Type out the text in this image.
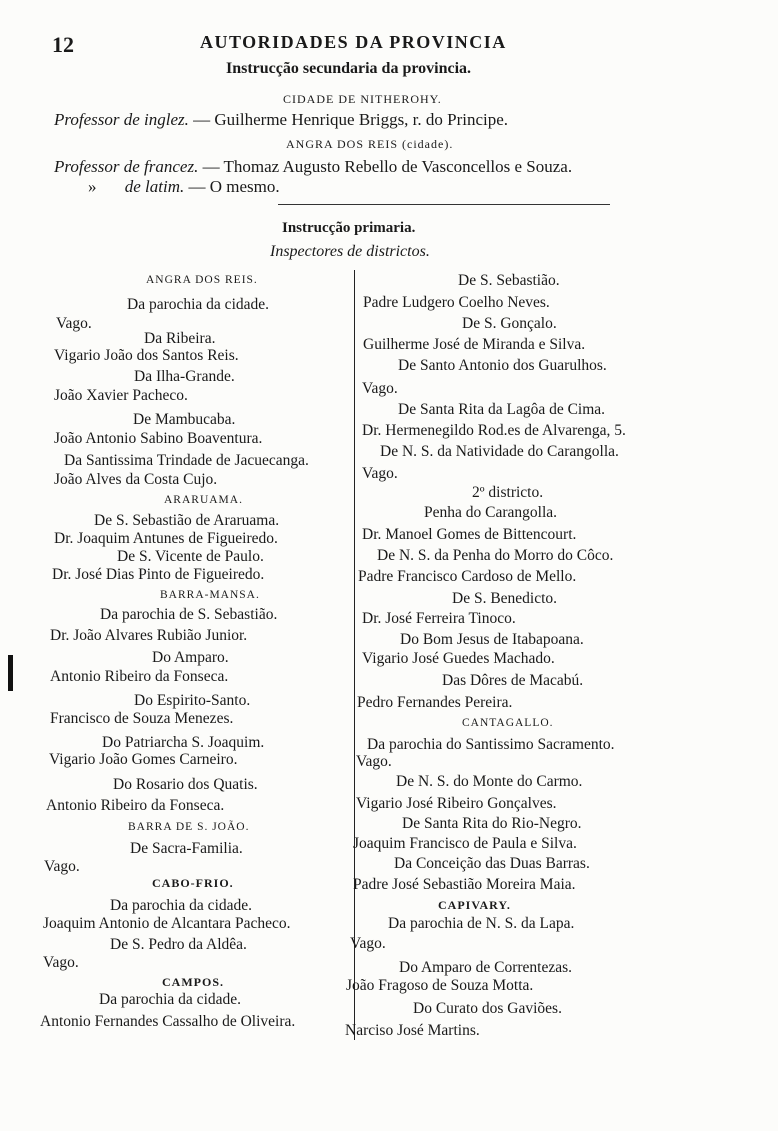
12	AUTORIDADES DA PROVINCIA
Instrucção secundaria da provincia.
CIDADE DE NITHEROHY.
Professor de inglez. — Guilherme Henrique Briggs, r. do Principe.
ANGRA DOS REIS (cidade).
Professor de francez. — Thomaz Augusto Rebello de Vasconcellos e Souza.
» de latim. — O mesmo.
Instrucção primaria.
Inspectores de districtos.
ANGRA DOS REIS.
Da parochia da cidade.
Vago.
Da Ribeira.
Vigario João dos Santos Reis.
Da Ilha-Grande.
João Xavier Pacheco.
De Mambucaba.
João Antonio Sabino Boaventura.
Da Santissima Trindade de Jacuecanga.
João Alves da Costa Cujo.
ARARUAMA.
De S. Sebastião de Araruama.
Dr. Joaquim Antunes de Figueiredo.
De S. Vicente de Paulo.
Dr. José Dias Pinto de Figueiredo.
BARRA-MANSA.
Da parochia de S. Sebastião.
Dr. João Alvares Rubião Junior.
Do Amparo.
Antonio Ribeiro da Fonseca.
Do Espirito-Santo.
Francisco de Souza Menezes.
Do Patriarcha S. Joaquim.
Vigario João Gomes Carneiro.
Do Rosario dos Quatis.
Antonio Ribeiro da Fonseca.
BARRA DE S. JOÃO.
De Sacra-Familia.
Vago.
CABO-FRIO.
Da parochia da cidade.
Joaquim Antonio de Alcantara Pacheco.
De S. Pedro da Aldêa.
Vago.
CAMPOS.
Da parochia da cidade.
Antonio Fernandes Cassalho de Oliveira.
De S. Sebastião.
Padre Ludgero Coelho Neves.
De S. Gonçalo.
Guilherme José de Miranda e Silva.
De Santo Antonio dos Guarulhos.
Vago.
De Santa Rita da Lagôa de Cima.
Dr. Hermenegildo Rod.es de Alvarenga, 5.
De N. S. da Natividade do Carangolla.
Vago.
2º districto.
Penha do Carangolla.
Dr. Manoel Gomes de Bittencourt.
De N. S. da Penha do Morro do Côco.
Padre Francisco Cardoso de Mello.
De S. Benedicto.
Dr. José Ferreira Tinoco.
Do Bom Jesus de Itabapoana.
Vigario José Guedes Machado.
Das Dôres de Macabú.
Pedro Fernandes Pereira.
CANTAGALLO.
Da parochia do Santissimo Sacramento.
Vago.
De N. S. do Monte do Carmo.
Vigario José Ribeiro Gonçalves.
De Santa Rita do Rio-Negro.
Joaquim Francisco de Paula e Silva.
Da Conceição das Duas Barras.
Padre José Sebastião Moreira Maia.
CAPIVARY.
Da parochia de N. S. da Lapa.
Vago.
Do Amparo de Correntezas.
João Fragoso de Souza Motta.
Do Curato dos Gaviões.
Narciso José Martins.
